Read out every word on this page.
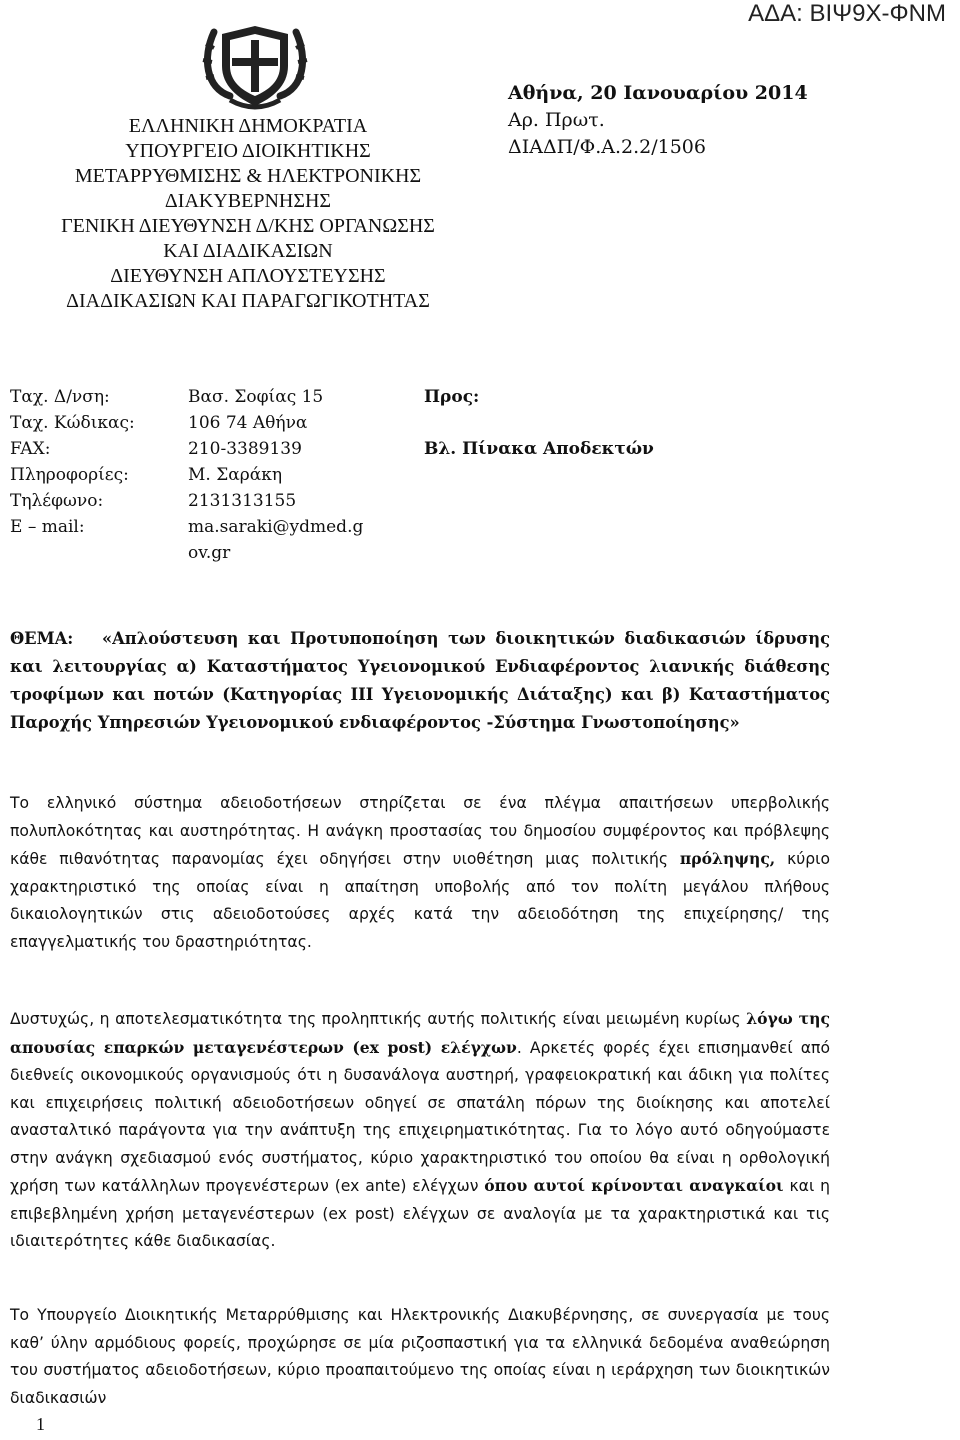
ΑΔΑ: ΒΙΨ9Χ-ΦΝΜ
ΕΛΛΗΝΙΚΗ ΔΗΜΟΚΡΑΤΙΑ
ΥΠΟΥΡΓΕΙΟ ΔΙΟΙΚΗΤΙΚΗΣ
ΜΕΤΑΡΡΥΘΜΙΣΗΣ & ΗΛΕΚΤΡΟΝΙΚΗΣ
ΔΙΑΚΥΒΕΡΝΗΣΗΣ
ΓΕΝΙΚΗ ΔΙΕΥΘΥΝΣΗ Δ/ΚΗΣ ΟΡΓΑΝΩΣΗΣ
ΚΑΙ ΔΙΑΔΙΚΑΣΙΩΝ
ΔΙΕΥΘΥΝΣΗ ΑΠΛΟΥΣΤΕΥΣΗΣ
ΔΙΑΔΙΚΑΣΙΩΝ ΚΑΙ ΠΑΡΑΓΩΓΙΚΟΤΗΤΑΣ
Αθήνα, 20 Ιανουαρίου 2014
Αρ. Πρωτ.
ΔΙΑΔΠ/Φ.Α.2.2/1506
Ταχ. Δ/νση:	Βασ. Σοφίας 15
Ταχ. Κώδικας:	106 74 Αθήνα
FAX:	210-3389139
Πληροφορίες:	Μ. Σαράκη
Τηλέφωνο:	2131313155
E – mail:	ma.saraki@ydmed.g
ov.gr
Προς:
Βλ. Πίνακα Αποδεκτών
ΘΕΜΑ: «Απλούστευση και Προτυποποίηση των διοικητικών διαδικασιών ίδρυσης και λειτουργίας α) Καταστήματος Υγειονομικού Ενδιαφέροντος λιανικής διάθεσης τροφίμων και ποτών (Κατηγορίας ΙΙΙ Υγειονομικής Διάταξης) και β) Καταστήματος Παροχής Υπηρεσιών Υγειονομικού ενδιαφέροντος -Σύστημα Γνωστοποίησης»
Το ελληνικό σύστημα αδειοδοτήσεων στηρίζεται σε ένα πλέγμα απαιτήσεων υπερβολικής πολυπλοκότητας και αυστηρότητας. Η ανάγκη προστασίας του δημοσίου συμφέροντος και πρόβλεψης κάθε πιθανότητας παρανομίας έχει οδηγήσει στην υιοθέτηση μιας πολιτικής πρόληψης, κύριο χαρακτηριστικό της οποίας είναι η απαίτηση υποβολής από τον πολίτη μεγάλου πλήθους δικαιολογητικών στις αδειοδοτούσες αρχές κατά την αδειοδότηση της επιχείρησης/ της επαγγελματικής του δραστηριότητας.
Δυστυχώς, η αποτελεσματικότητα της προληπτικής αυτής πολιτικής είναι μειωμένη κυρίως λόγω της απουσίας επαρκών μεταγενέστερων (ex post) ελέγχων. Αρκετές φορές έχει επισημανθεί από διεθνείς οικονομικούς οργανισμούς ότι η δυσανάλογα αυστηρή, γραφειοκρατική και άδικη για πολίτες και επιχειρήσεις πολιτική αδειοδοτήσεων οδηγεί σε σπατάλη πόρων της διοίκησης και αποτελεί ανασταλτικό παράγοντα για την ανάπτυξη της επιχειρηματικότητας. Για το λόγο αυτό οδηγούμαστε στην ανάγκη σχεδιασμού ενός συστήματος, κύριο χαρακτηριστικό του οποίου θα είναι η ορθολογική χρήση των κατάλληλων προγενέστερων (ex ante) ελέγχων όπου αυτοί κρίνονται αναγκαίοι και η επιβεβλημένη χρήση μεταγενέστερων (ex post) ελέγχων σε αναλογία με τα χαρακτηριστικά και τις ιδιαιτερότητες κάθε διαδικασίας.
Το Υπουργείο Διοικητικής Μεταρρύθμισης και Ηλεκτρονικής Διακυβέρνησης, σε συνεργασία με τους καθ’ ύλην αρμόδιους φορείς, προχώρησε σε μία ριζοσπαστική για τα ελληνικά δεδομένα αναθεώρηση του συστήματος αδειοδοτήσεων, κύριο προαπαιτούμενο της οποίας είναι η ιεράρχηση των διοικητικών διαδικασιών
1
